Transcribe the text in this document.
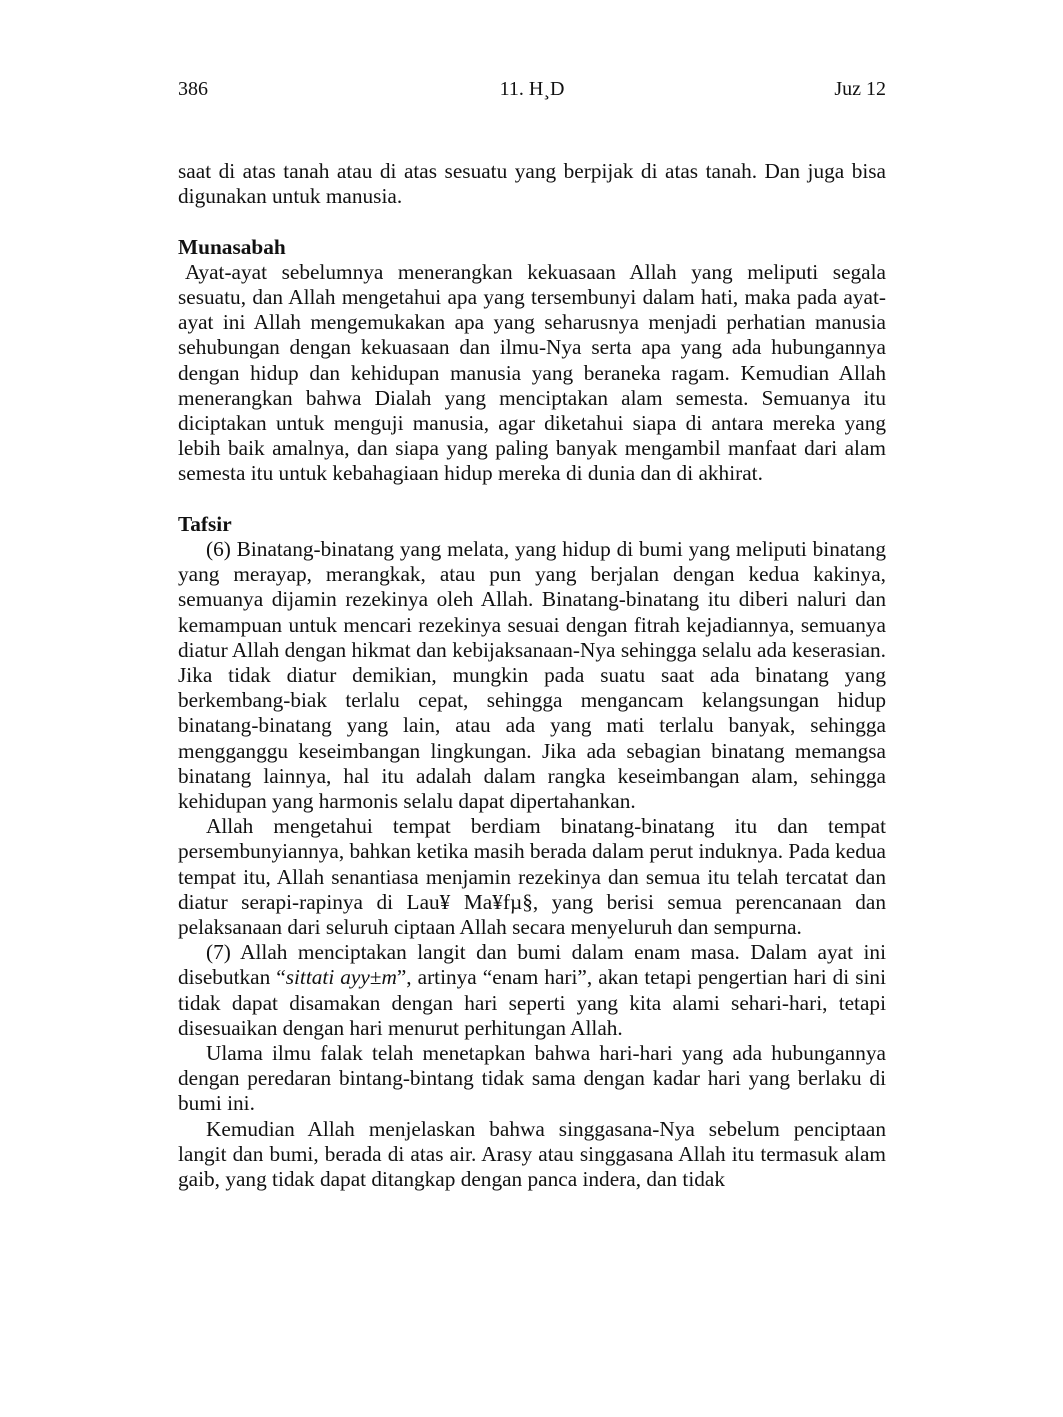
386	11. H¸D	Juz 12

saat di atas tanah atau di atas sesuatu yang berpijak di atas tanah. Dan juga bisa digunakan untuk manusia.

Munasabah

Ayat-ayat sebelumnya menerangkan kekuasaan Allah yang meliputi segala sesuatu, dan Allah mengetahui apa yang tersembunyi dalam hati, maka pada ayat-ayat ini Allah mengemukakan apa yang seharusnya menjadi perhatian manusia sehubungan dengan kekuasaan dan ilmu-Nya serta apa yang ada hubungannya dengan hidup dan kehidupan manusia yang beraneka ragam. Kemudian Allah menerangkan bahwa Dialah yang menciptakan alam semesta. Semuanya itu diciptakan untuk menguji manusia, agar diketahui siapa di antara mereka yang lebih baik amalnya, dan siapa yang paling banyak mengambil manfaat dari alam semesta itu untuk kebahagiaan hidup mereka di dunia dan di akhirat.

Tafsir

(6) Binatang-binatang yang melata, yang hidup di bumi yang meliputi binatang yang merayap, merangkak, atau pun yang berjalan dengan kedua kakinya, semuanya dijamin rezekinya oleh Allah. Binatang-binatang itu diberi naluri dan kemampuan untuk mencari rezekinya sesuai dengan fitrah kejadiannya, semuanya diatur Allah dengan hikmat dan kebijaksanaan-Nya sehingga selalu ada keserasian. Jika tidak diatur demikian, mungkin pada suatu saat ada binatang yang berkembang-biak terlalu cepat, sehingga mengancam kelangsungan hidup binatang-binatang yang lain, atau ada yang mati terlalu banyak, sehingga mengganggu keseimbangan lingkungan. Jika ada sebagian binatang memangsa binatang lainnya, hal itu adalah dalam rangka keseimbangan alam, sehingga kehidupan yang harmonis selalu dapat dipertahankan.

Allah mengetahui tempat berdiam binatang-binatang itu dan tempat persembunyiannya, bahkan ketika masih berada dalam perut induknya. Pada kedua tempat itu, Allah senantiasa menjamin rezekinya dan semua itu telah tercatat dan diatur serapi-rapinya di Lau¥ Ma¥fµ§, yang berisi semua perencanaan dan pelaksanaan dari seluruh ciptaan Allah secara menyeluruh dan sempurna.

(7) Allah menciptakan langit dan bumi dalam enam masa. Dalam ayat ini disebutkan “sittati ayy±m”, artinya “enam hari”, akan tetapi pengertian hari di sini tidak dapat disamakan dengan hari seperti yang kita alami sehari-hari, tetapi disesuaikan dengan hari menurut perhitungan Allah.

Ulama ilmu falak telah menetapkan bahwa hari-hari yang ada hubungannya dengan peredaran bintang-bintang tidak sama dengan kadar hari yang berlaku di bumi ini.

Kemudian Allah menjelaskan bahwa singgasana-Nya sebelum penciptaan langit dan bumi, berada di atas air. Arasy atau singgasana Allah itu termasuk alam gaib, yang tidak dapat ditangkap dengan panca indera, dan tidak
